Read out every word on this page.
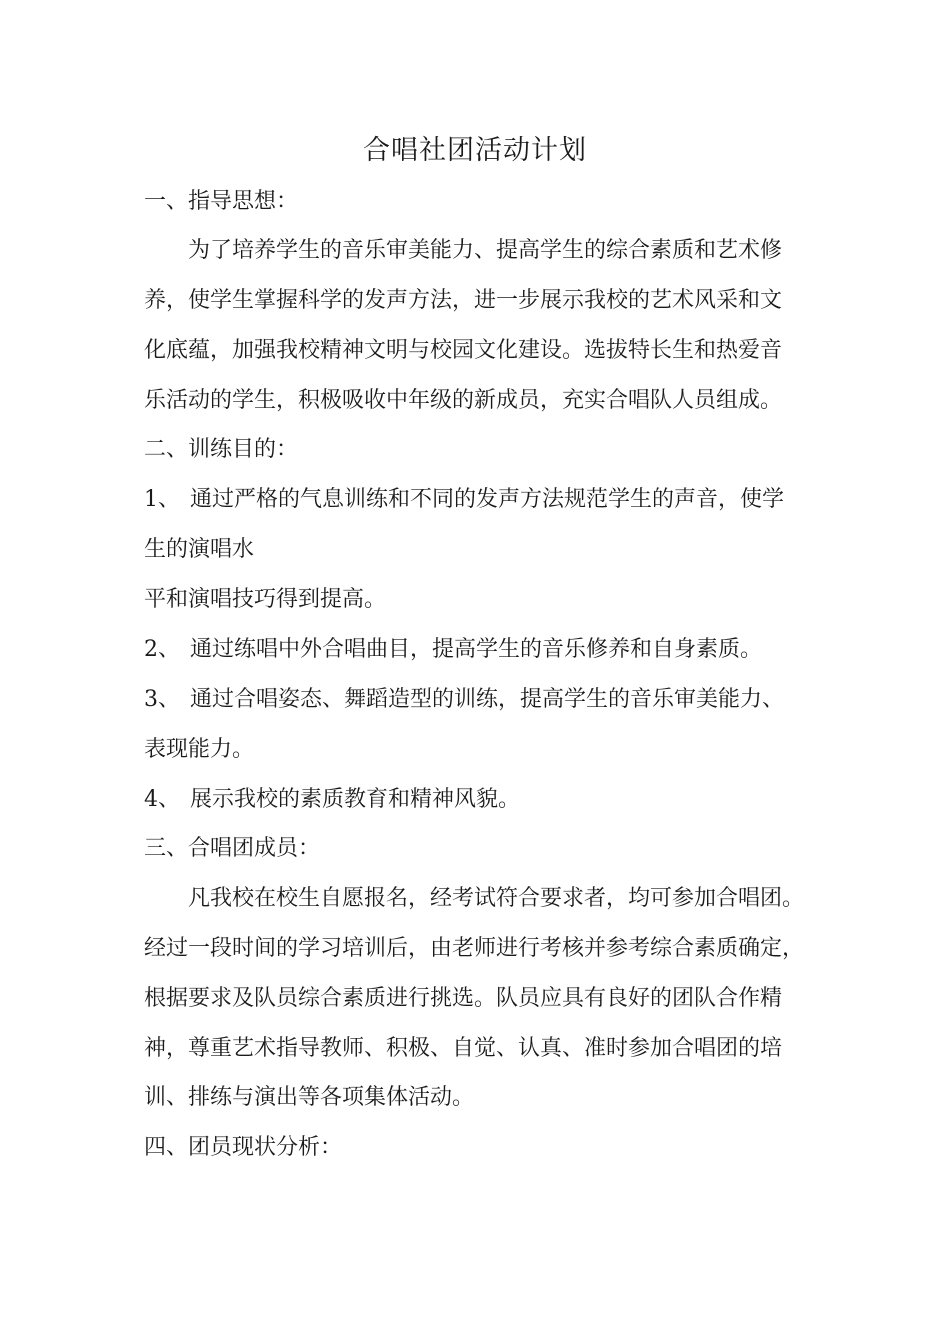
合唱社团活动计划
一、指导思想：
为了培养学生的音乐审美能力、提高学生的综合素质和艺术修
养，使学生掌握科学的发声方法，进一步展示我校的艺术风采和文
化底蕴，加强我校精神文明与校园文化建设。选拔特长生和热爱音
乐活动的学生，积极吸收中年级的新成员，充实合唱队人员组成。
二、训练目的：
1、 通过严格的气息训练和不同的发声方法规范学生的声音，使学
生的演唱水
平和演唱技巧得到提高。
2、 通过练唱中外合唱曲目，提高学生的音乐修养和自身素质。
3、 通过合唱姿态、舞蹈造型的训练，提高学生的音乐审美能力、
表现能力。
4、 展示我校的素质教育和精神风貌。
三、合唱团成员：
凡我校在校生自愿报名，经考试符合要求者，均可参加合唱团。
经过一段时间的学习培训后，由老师进行考核并参考综合素质确定，
根据要求及队员综合素质进行挑选。队员应具有良好的团队合作精
神，尊重艺术指导教师、积极、自觉、认真、准时参加合唱团的培
训、排练与演出等各项集体活动。
四、团员现状分析：
